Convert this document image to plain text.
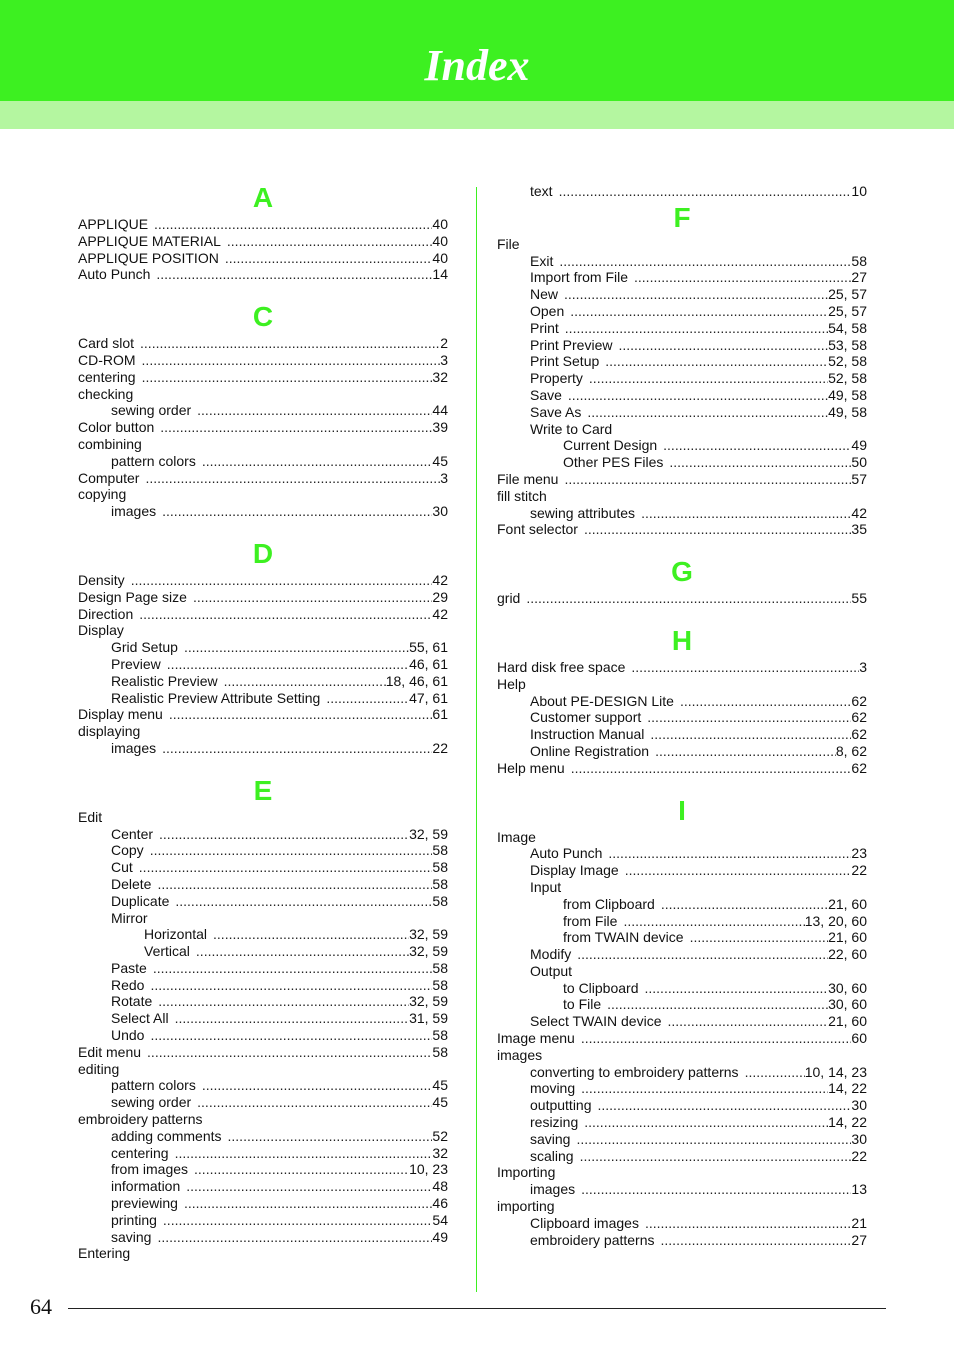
Index
A
APPLIQUE .....	40
APPLIQUE MATERIAL .....	40
APPLIQUE POSITION .....	40
Auto Punch .....	14
C
Card slot .....	2
CD-ROM .....	3
centering .....	32
checking
sewing order .....	44
Color button .....	39
combining
pattern colors .....	45
Computer .....	3
copying
images .....	30
D
Density .....	42
Design Page size .....	29
Direction .....	42
Display
Grid Setup .....	55, 61
Preview .....	46, 61
Realistic Preview .....	18, 46, 61
Realistic Preview Attribute Setting .....	47, 61
Display menu .....	61
displaying
images .....	22
E
Edit
Center .....	32, 59
Copy .....	58
Cut .....	58
Delete .....	58
Duplicate .....	58
Mirror
Horizontal .....	32, 59
Vertical .....	32, 59
Paste .....	58
Redo .....	58
Rotate .....	32, 59
Select All .....	31, 59
Undo .....	58
Edit menu .....	58
editing
pattern colors .....	45
sewing order .....	45
embroidery patterns
adding comments .....	52
centering .....	32
from images .....	10, 23
information .....	48
previewing .....	46
printing .....	54
saving .....	49
Entering
text .....	10
F
File
Exit .....	58
Import from File .....	27
New .....	25, 57
Open .....	25, 57
Print .....	54, 58
Print Preview .....	53, 58
Print Setup .....	52, 58
Property .....	52, 58
Save .....	49, 58
Save As .....	49, 58
Write to Card
Current Design .....	49
Other PES Files .....	50
File menu .....	57
fill stitch
sewing attributes .....	42
Font selector .....	35
G
grid .....	55
H
Hard disk free space .....	3
Help
About PE-DESIGN Lite .....	62
Customer support .....	62
Instruction Manual .....	62
Online Registration .....	8, 62
Help menu .....	62
I
Image
Auto Punch .....	23
Display Image .....	22
Input
from Clipboard .....	21, 60
from File .....	13, 20, 60
from TWAIN device .....	21, 60
Modify .....	22, 60
Output
to Clipboard .....	30, 60
to File .....	30, 60
Select TWAIN device .....	21, 60
Image menu .....	60
images
converting to embroidery patterns .....	10, 14, 23
moving .....	14, 22
outputting .....	30
resizing .....	14, 22
saving .....	30
scaling .....	22
Importing
images .....	13
importing
Clipboard images .....	21
embroidery patterns .....	27
64
